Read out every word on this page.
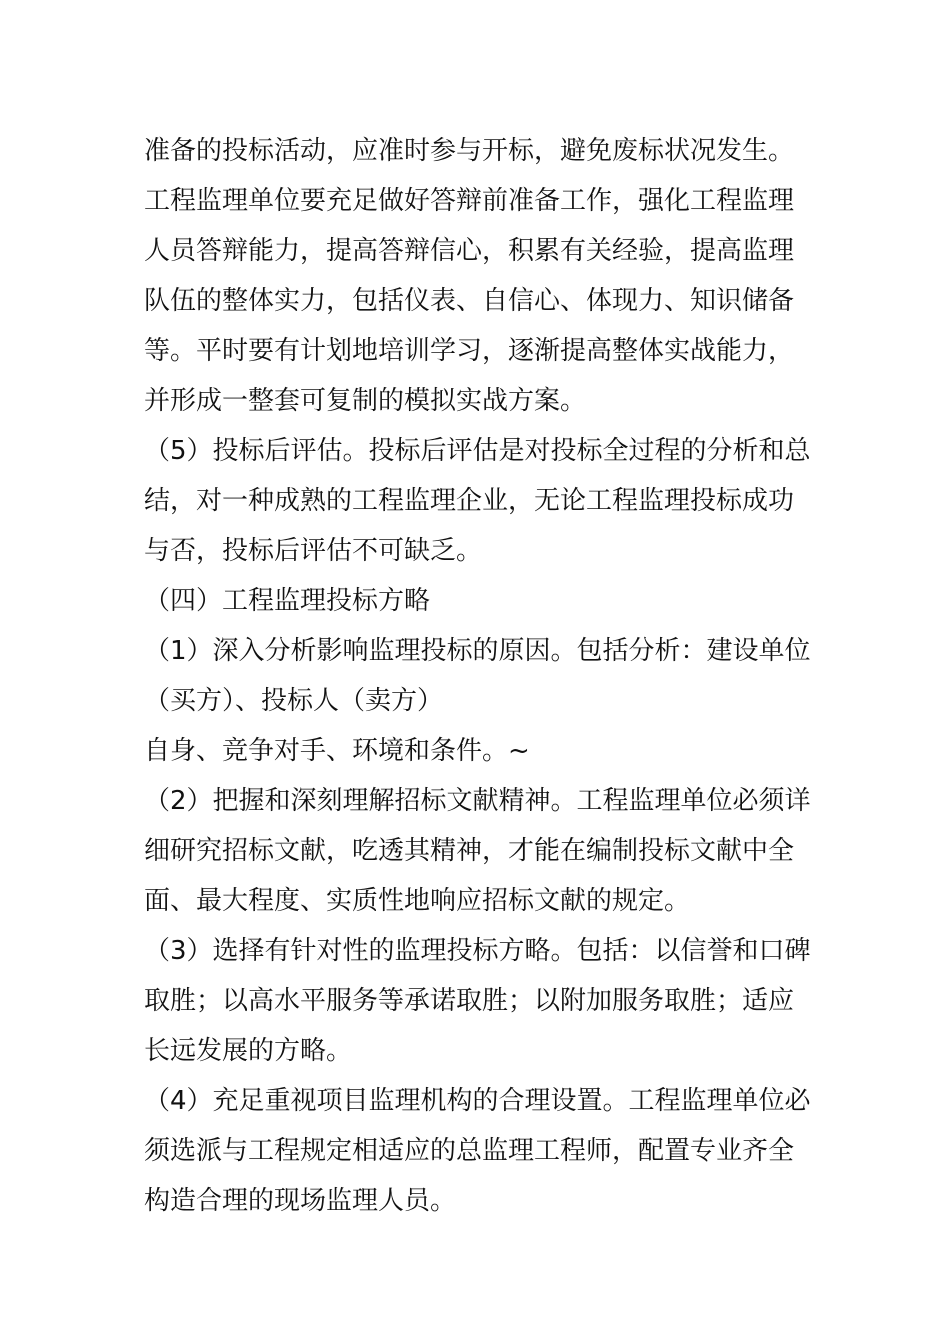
准备的投标活动，应准时参与开标，避免废标状况发生。
工程监理单位要充足做好答辩前准备工作，强化工程监理
人员答辩能力，提高答辩信心，积累有关经验，提高监理
队伍的整体实力，包括仪表、自信心、体现力、知识储备
等。平时要有计划地培训学习，逐渐提高整体实战能力，
并形成一整套可复制的模拟实战方案。
（5）投标后评估。投标后评估是对投标全过程的分析和总
结，对一种成熟的工程监理企业，无论工程监理投标成功
与否，投标后评估不可缺乏。
（四）工程监理投标方略
（1）深入分析影响监理投标的原因。包括分析：建设单位
（买方）、投标人（卖方）
自身、竞争对手、环境和条件。~
（2）把握和深刻理解招标文献精神。工程监理单位必须详
细研究招标文献，吃透其精神，才能在编制投标文献中全
面、最大程度、实质性地响应招标文献的规定。
（3）选择有针对性的监理投标方略。包括：以信誉和口碑
取胜；以高水平服务等承诺取胜；以附加服务取胜；适应
长远发展的方略。
（4）充足重视项目监理机构的合理设置。工程监理单位必
须选派与工程规定相适应的总监理工程师，配置专业齐全
构造合理的现场监理人员。
